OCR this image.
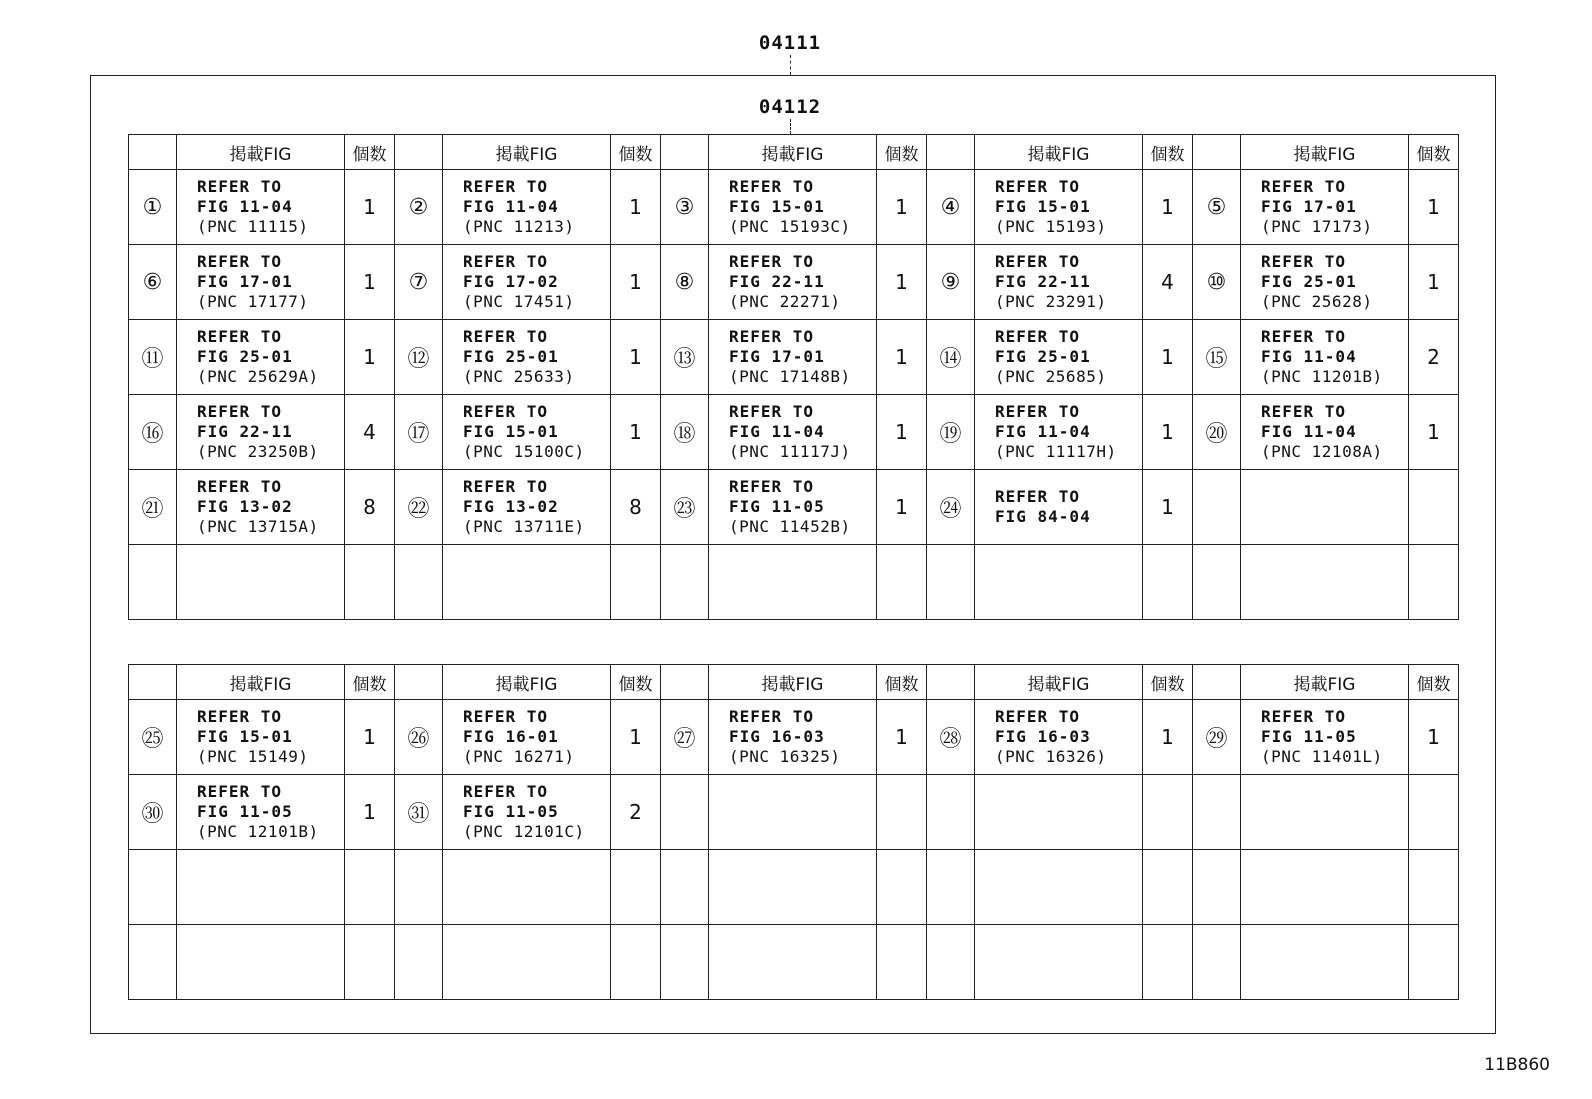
04111
04112
	掲載FIG	個数		掲載FIG	個数		掲載FIG	個数		掲載FIG	個数		掲載FIG	個数
①	REFER TO
FIG 11-04
(PNC 11115)	1	②	REFER TO
FIG 11-04
(PNC 11213)	1	③	REFER TO
FIG 15-01
(PNC 15193C)	1	④	REFER TO
FIG 15-01
(PNC 15193)	1	⑤	REFER TO
FIG 17-01
(PNC 17173)	1
⑥	REFER TO
FIG 17-01
(PNC 17177)	1	⑦	REFER TO
FIG 17-02
(PNC 17451)	1	⑧	REFER TO
FIG 22-11
(PNC 22271)	1	⑨	REFER TO
FIG 22-11
(PNC 23291)	4	⑩	REFER TO
FIG 25-01
(PNC 25628)	1
⑪	REFER TO
FIG 25-01
(PNC 25629A)	1	⑫	REFER TO
FIG 25-01
(PNC 25633)	1	⑬	REFER TO
FIG 17-01
(PNC 17148B)	1	⑭	REFER TO
FIG 25-01
(PNC 25685)	1	⑮	REFER TO
FIG 11-04
(PNC 11201B)	2
⑯	REFER TO
FIG 22-11
(PNC 23250B)	4	⑰	REFER TO
FIG 15-01
(PNC 15100C)	1	⑱	REFER TO
FIG 11-04
(PNC 11117J)	1	⑲	REFER TO
FIG 11-04
(PNC 11117H)	1	⑳	REFER TO
FIG 11-04
(PNC 12108A)	1
㉑	REFER TO
FIG 13-02
(PNC 13715A)	8	㉒	REFER TO
FIG 13-02
(PNC 13711E)	8	㉓	REFER TO
FIG 11-05
(PNC 11452B)	1	㉔	REFER TO
FIG 84-04	1		

	掲載FIG	個数		掲載FIG	個数		掲載FIG	個数		掲載FIG	個数		掲載FIG	個数
㉕	REFER TO
FIG 15-01
(PNC 15149)	1	㉖	REFER TO
FIG 16-01
(PNC 16271)	1	㉗	REFER TO
FIG 16-03
(PNC 16325)	1	㉘	REFER TO
FIG 16-03
(PNC 16326)	1	㉙	REFER TO
FIG 11-05
(PNC 11401L)	1
㉚	REFER TO
FIG 11-05
(PNC 12101B)	1	㉛	REFER TO
FIG 11-05
(PNC 12101C)	2		

11B860
